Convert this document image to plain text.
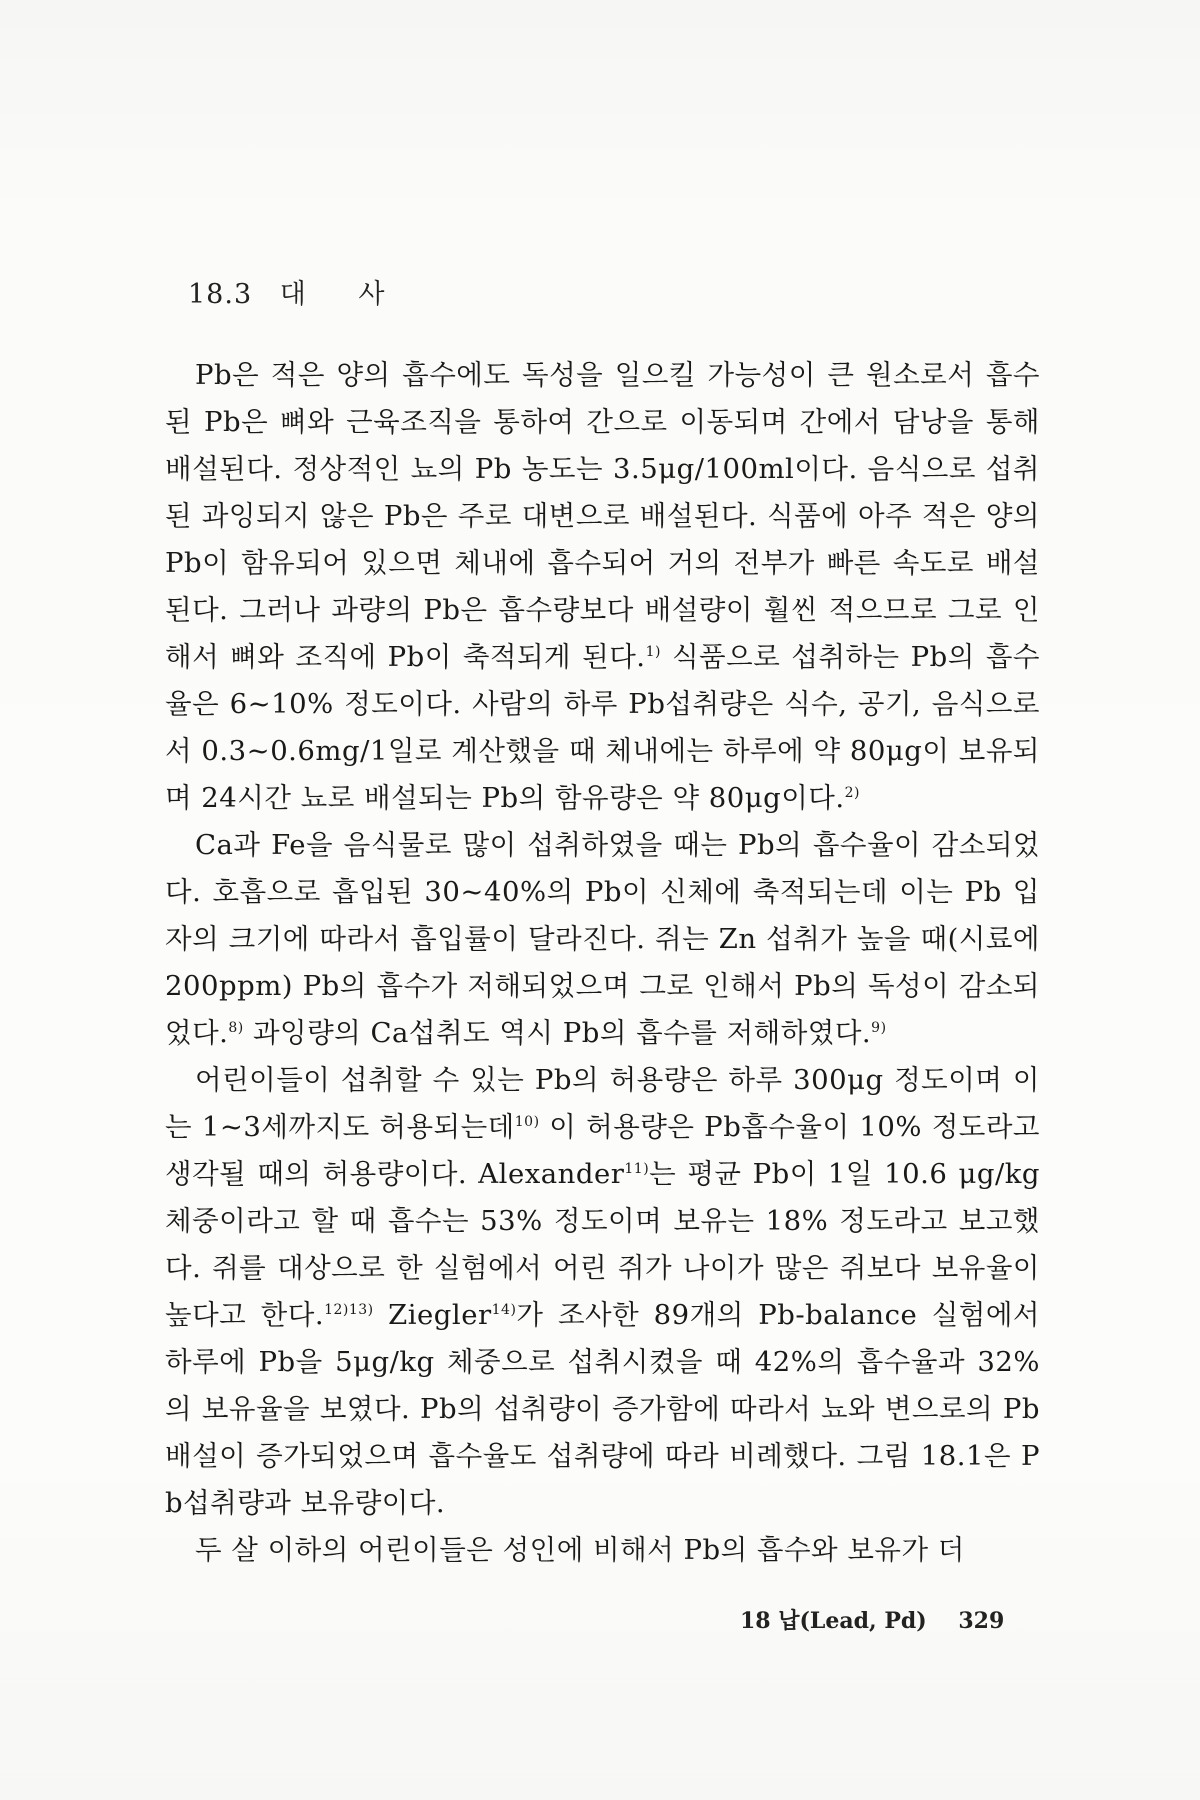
18.3 대 사

Pb은 적은 양의 흡수에도 독성을 일으킬 가능성이 큰 원소로서 흡수된 Pb은 뼈와 근육조직을 통하여 간으로 이동되며 간에서 담낭을 통해 배설된다. 정상적인 뇨의 Pb 농도는 3.5μg/100ml이다. 음식으로 섭취된 과잉되지 않은 Pb은 주로 대변으로 배설된다. 식품에 아주 적은 양의 Pb이 함유되어 있으면 체내에 흡수되어 거의 전부가 빠른 속도로 배설된다. 그러나 과량의 Pb은 흡수량보다 배설량이 훨씬 적으므로 그로 인해서 뼈와 조직에 Pb이 축적되게 된다.$^{1)}$ 식품으로 섭취하는 Pb의 흡수율은 6~10% 정도이다. 사람의 하루 Pb섭취량은 식수, 공기, 음식으로서 0.3~0.6mg/1일로 계산했을 때 체내에는 하루에 약 80μg이 보유되며 24시간 뇨로 배설되는 Pb의 함유량은 약 80μg이다.$^{2)}$

Ca과 Fe을 음식물로 많이 섭취하였을 때는 Pb의 흡수율이 감소되었다. 호흡으로 흡입된 30~40%의 Pb이 신체에 축적되는데 이는 Pb 입자의 크기에 따라서 흡입률이 달라진다. 쥐는 Zn 섭취가 높을 때(시료에 200ppm) Pb의 흡수가 저해되었으며 그로 인해서 Pb의 독성이 감소되었다.$^{8)}$ 과잉량의 Ca섭취도 역시 Pb의 흡수를 저해하였다.$^{9)}$

어린이들이 섭취할 수 있는 Pb의 허용량은 하루 300μg 정도이며 이는 1~3세까지도 허용되는데$^{10)}$ 이 허용량은 Pb흡수율이 10% 정도라고 생각될 때의 허용량이다. Alexander$^{11)}$는 평균 Pb이 1일 10.6 μg/kg 체중이라고 할 때 흡수는 53% 정도이며 보유는 18% 정도라고 보고했다. 쥐를 대상으로 한 실험에서 어린 쥐가 나이가 많은 쥐보다 보유율이 높다고 한다.$^{12)13)}$ Ziegler$^{14)}$가 조사한 89개의 Pb-balance 실험에서 하루에 Pb을 5μg/kg 체중으로 섭취시켰을 때 42%의 흡수율과 32%의 보유율을 보였다. Pb의 섭취량이 증가함에 따라서 뇨와 변으로의 Pb배설이 증가되었으며 흡수율도 섭취량에 따라 비례했다. 그림 18.1은 Pb섭취량과 보유량이다.

두 살 이하의 어린이들은 성인에 비해서 Pb의 흡수와 보유가 더

18 납(Lead, Pd) 329
